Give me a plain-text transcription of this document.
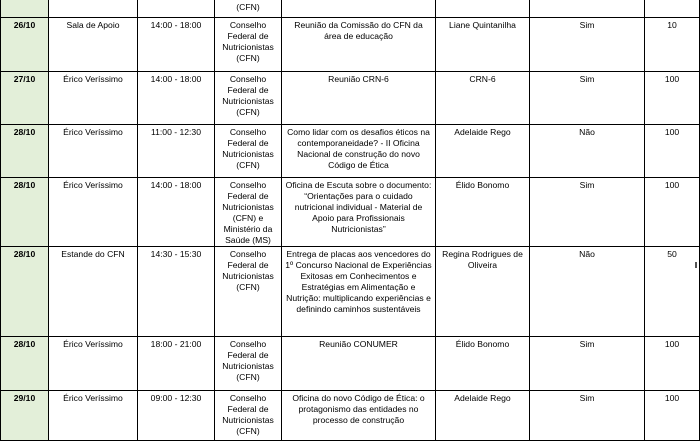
			(CFN)				
26/10	Sala de Apoio	14:00 - 18:00	Conselho Federal de Nutricionistas (CFN)	Reunião da Comissão do CFN da área de educação	Liane Quintanilha	Sim	10
27/10	Érico Veríssimo	14:00 - 18:00	Conselho Federal de Nutricionistas (CFN)	Reunião CRN-6	CRN-6	Sim	100
28/10	Érico Veríssimo	11:00 - 12:30	Conselho Federal de Nutricionistas (CFN)	Como lidar com os desafios éticos na contemporaneidade? - II Oficina Nacional de construção do novo Código de Ética	Adelaide Rego	Não	100
28/10	Érico Veríssimo	14:00 - 18:00	Conselho Federal de Nutricionistas (CFN) e Ministério da Saúde (MS)	Oficina de Escuta sobre o documento: “Orientações para o cuidado nutricional individual - Material de Apoio para Profissionais Nutricionistas”	Élido Bonomo	Sim	100
28/10	Estande do CFN	14:30 - 15:30	Conselho Federal de Nutricionistas (CFN)	Entrega de placas aos vencedores do 1º Concurso Nacional de Experiências Exitosas em Conhecimentos e Estratégias em Alimentação e Nutrição: multiplicando experiências e definindo caminhos sustentáveis	Regina Rodrigues de Oliveira	Não	50
28/10	Érico Veríssimo	18:00 - 21:00	Conselho Federal de Nutricionistas (CFN)	Reunião CONUMER	Élido Bonomo	Sim	100
29/10	Érico Veríssimo	09:00 - 12:30	Conselho Federal de Nutricionistas (CFN)	Oficina do novo Código de Ética: o protagonismo das entidades no processo de construção	Adelaide Rego	Sim	100
